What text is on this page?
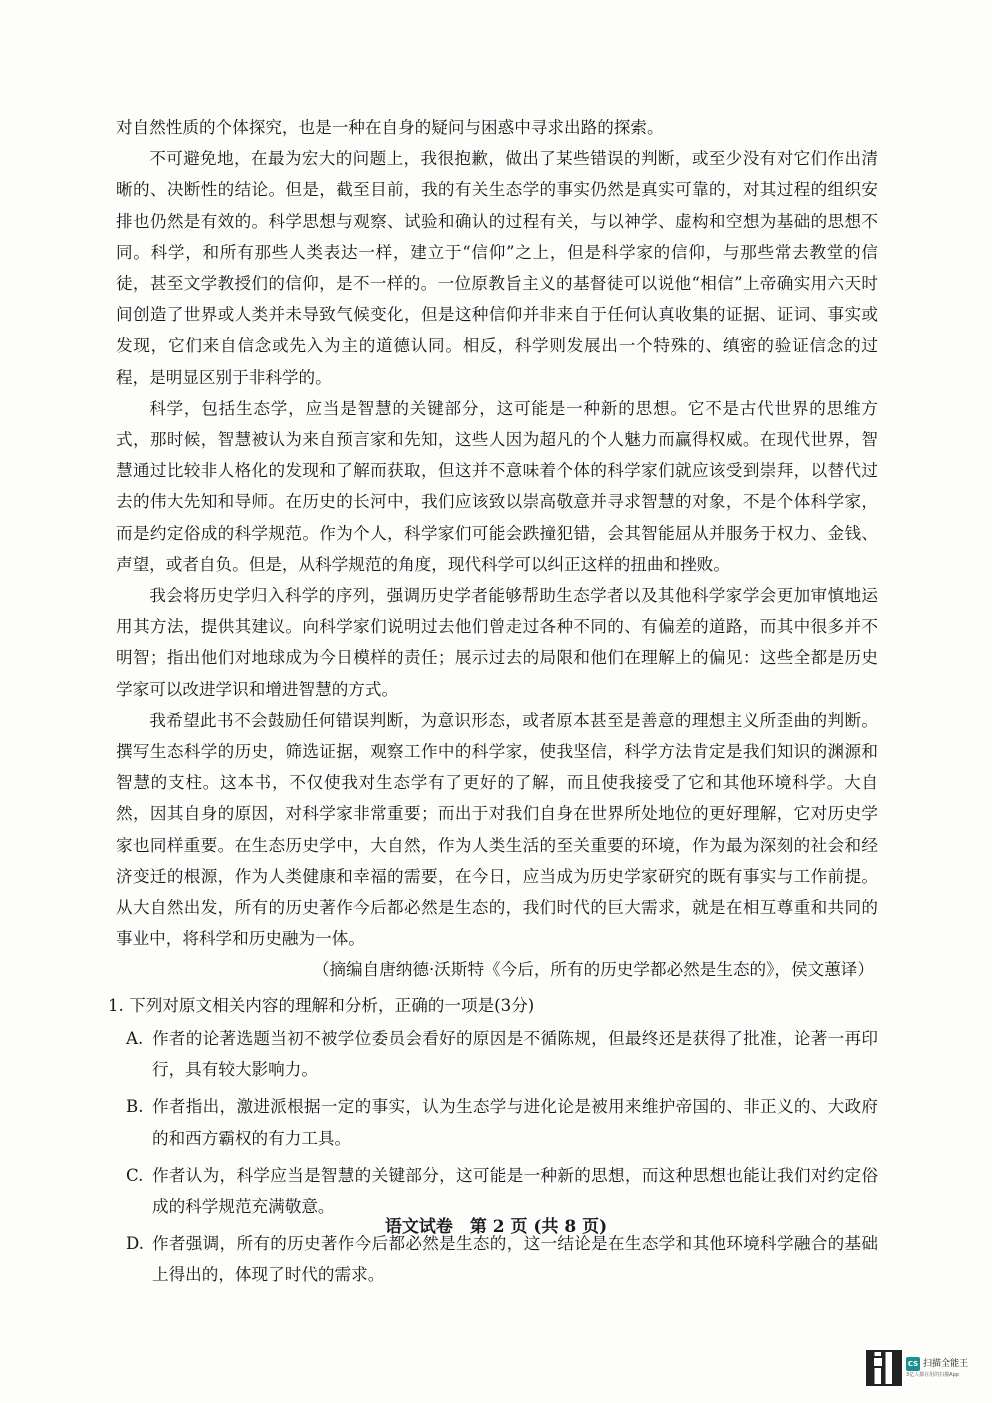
对自然性质的个体探究，也是一种在自身的疑问与困惑中寻求出路的探索。

不可避免地，在最为宏大的问题上，我很抱歉，做出了某些错误的判断，或至少没有对它们作出清晰的、决断性的结论。但是，截至目前，我的有关生态学的事实仍然是真实可靠的，对其过程的组织安排也仍然是有效的。科学思想与观察、试验和确认的过程有关，与以神学、虚构和空想为基础的思想不同。科学，和所有那些人类表达一样，建立于“信仰”之上，但是科学家的信仰，与那些常去教堂的信徒，甚至文学教授们的信仰，是不一样的。一位原教旨主义的基督徒可以说他“相信”上帝确实用六天时间创造了世界或人类并未导致气候变化，但是这种信仰并非来自于任何认真收集的证据、证词、事实或发现，它们来自信念或先入为主的道德认同。相反，科学则发展出一个特殊的、缜密的验证信念的过程，是明显区别于非科学的。

科学，包括生态学，应当是智慧的关键部分，这可能是一种新的思想。它不是古代世界的思维方式，那时候，智慧被认为来自预言家和先知，这些人因为超凡的个人魅力而赢得权威。在现代世界，智慧通过比较非人格化的发现和了解而获取，但这并不意味着个体的科学家们就应该受到崇拜，以替代过去的伟大先知和导师。在历史的长河中，我们应该致以崇高敬意并寻求智慧的对象，不是个体科学家，而是约定俗成的科学规范。作为个人，科学家们可能会跌撞犯错，会其智能屈从并服务于权力、金钱、声望，或者自负。但是，从科学规范的角度，现代科学可以纠正这样的扭曲和挫败。

我会将历史学归入科学的序列，强调历史学者能够帮助生态学者以及其他科学家学会更加审慎地运用其方法，提供其建议。向科学家们说明过去他们曾走过各种不同的、有偏差的道路，而其中很多并不明智；指出他们对地球成为今日模样的责任；展示过去的局限和他们在理解上的偏见：这些全都是历史学家可以改进学识和增进智慧的方式。

我希望此书不会鼓励任何错误判断，为意识形态，或者原本甚至是善意的理想主义所歪曲的判断。撰写生态科学的历史，筛选证据，观察工作中的科学家，使我坚信，科学方法肯定是我们知识的渊源和智慧的支柱。这本书，不仅使我对生态学有了更好的了解，而且使我接受了它和其他环境科学。大自然，因其自身的原因，对科学家非常重要；而出于对我们自身在世界所处地位的更好理解，它对历史学家也同样重要。在生态历史学中，大自然，作为人类生活的至关重要的环境，作为最为深刻的社会和经济变迁的根源，作为人类健康和幸福的需要，在今日，应当成为历史学家研究的既有事实与工作前提。从大自然出发，所有的历史著作今后都必然是生态的，我们时代的巨大需求，就是在相互尊重和共同的事业中，将科学和历史融为一体。

（摘编自唐纳德·沃斯特《今后，所有的历史学都必然是生态的》，侯文蕙译）

1. 下列对原文相关内容的理解和分析，正确的一项是(3分)

A. 作者的论著选题当初不被学位委员会看好的原因是不循陈规，但最终还是获得了批准，论著一再印行，具有较大影响力。
B. 作者指出，激进派根据一定的事实，认为生态学与进化论是被用来维护帝国的、非正义的、大政府的和西方霸权的有力工具。
C. 作者认为，科学应当是智慧的关键部分，这可能是一种新的思想，而这种思想也能让我们对约定俗成的科学规范充满敬意。
D. 作者强调，所有的历史著作今后都必然是生态的，这一结论是在生态学和其他环境科学融合的基础上得出的，体现了时代的需求。
语文试卷　第 2 页 (共 8 页)
CS 扫描全能王
3亿人都在用的扫描App
